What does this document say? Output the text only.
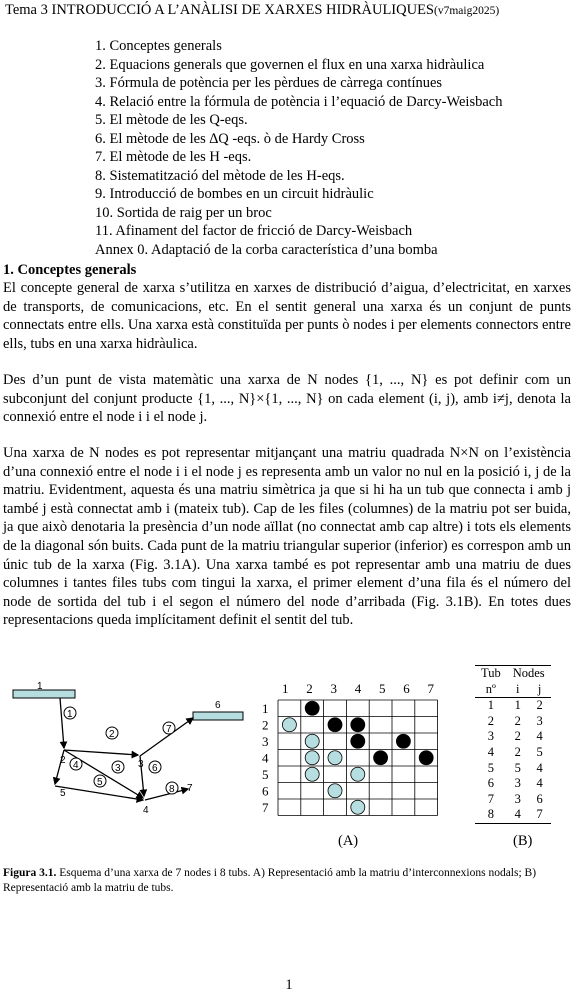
Tema 3 INTRODUCCIÓ A L’ANÀLISI DE XARXES HIDRÀULIQUES(v7maig2025)
1. Conceptes generals
2. Equacions generals que governen el flux en una xarxa hidràulica
3. Fórmula de potència per les pèrdues de càrrega contínues
4. Relació entre la fórmula de potència i l’equació de Darcy-Weisbach
5. El mètode de les Q-eqs.
6. El mètode de les ∆Q -eqs. ò de Hardy Cross
7. El mètode de les H -eqs.
8. Sistematització del mètode de les H-eqs.
9. Introducció de bombes en un circuit hidràulic
10. Sortida de raig per un broc
11. Afinament del factor de fricció de Darcy-Weisbach
Annex 0. Adaptació de la corba característica d’una bomba
1. Conceptes generals

El concepte general de xarxa s’utilitza en xarxes de distribució d’aigua, d’electricitat, en xarxes de transports, de comunicacions, etc. En el sentit general una xarxa és un conjunt de punts connectats entre ells. Una xarxa està constituïda per punts ò nodes i per elements connectors entre ells, tubs en una xarxa hidràulica.

Des d’un punt de vista matemàtic una xarxa de N nodes {1, ..., N} es pot definir com un subconjunt del conjunt producte {1, ..., N}×{1, ..., N} on cada element (i, j), amb i≠j, denota la connexió entre el node i i el node j.

Una xarxa de N nodes es pot representar mitjançant una matriu quadrada N×N on l’existència d’una connexió entre el node i i el node j es representa amb un valor no nul en la posició i, j de la matriu. Evidentment, aquesta és una matriu simètrica ja que si hi ha un tub que connecta i amb j també j està connectat amb i (mateix tub). Cap de les files (columnes) de la matriu pot ser buida, ja que això denotaria la presència d’un node aïllat (no connectat amb cap altre) i tots els elements de la diagonal són buits. Cada punt de la matriu triangular superior (inferior) es correspon amb un únic tub de la xarxa (Fig. 3.1A). Una xarxa també es pot representar amb una matriu de dues columnes i tantes files tubs com tingui la xarxa, el primer element d’una fila és el número del node de sortida del tub i el segon el número del node d’arribada (Fig. 3.1B). En totes dues representacions queda implícitament definit el sentit del tub.

1
2	3
4
5
6
7
1
2
3
4
5
6
7
8
1
1
2
2
3
3
4
4
5
5
6
6
7
7
(A)
Tub	Nodes	
nº	i	j
1	1	2
2	2	3
3	2	4
4	2	5
5	5	4
6	3	4
7	3	6
8	4	7
(B)
Figura 3.1. Esquema d’una xarxa de 7 nodes i 8 tubs. A) Representació amb la matriu d’interconnexions nodals; B) Representació amb la matriu de tubs.
1
